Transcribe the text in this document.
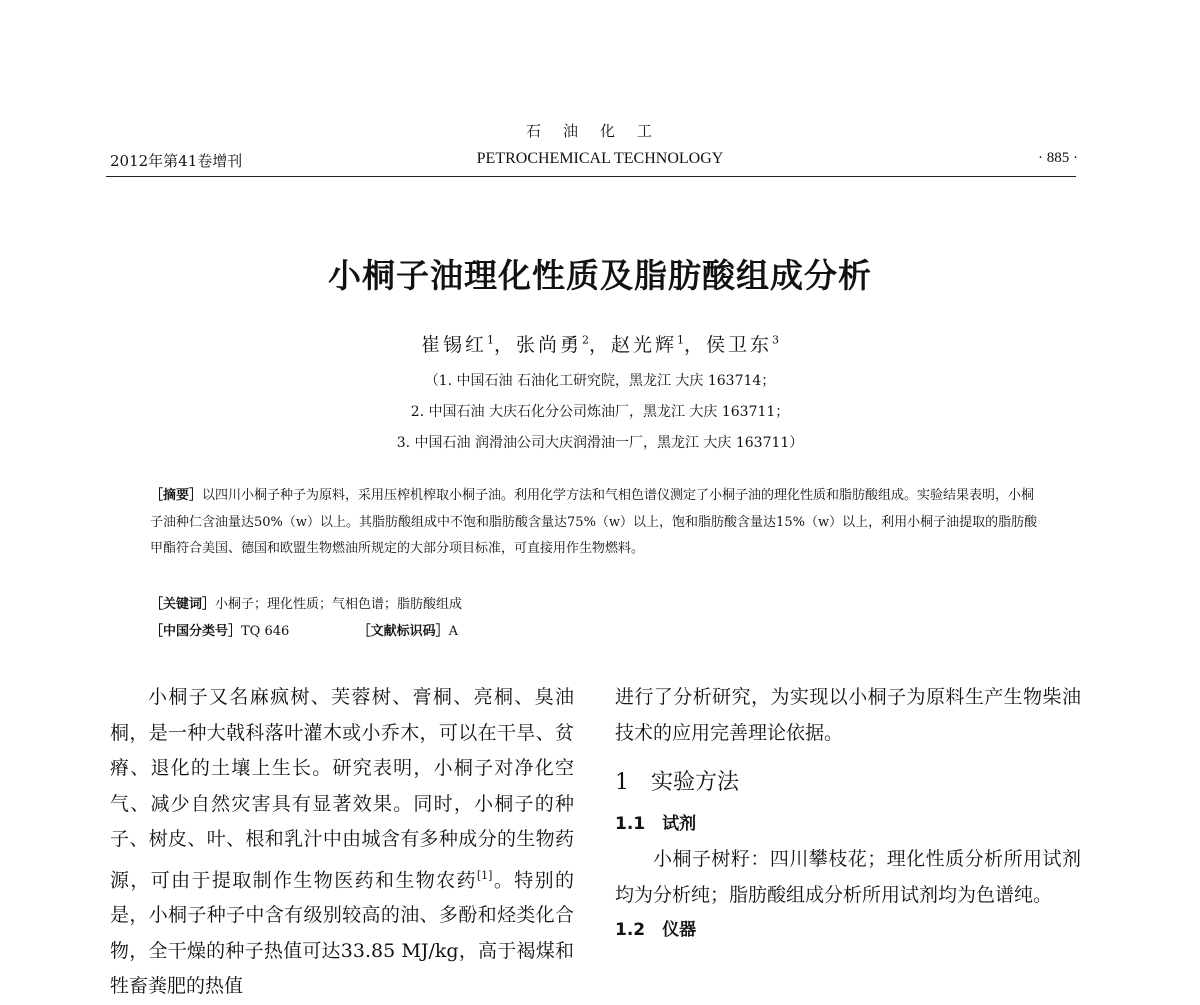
石油化工
2012年第41卷增刊	PETROCHEMICAL TECHNOLOGY	· 885 ·
小桐子油理化性质及脂肪酸组成分析
崔锡红$^1$，张尚勇$^2$，赵光辉$^1$，侯卫东$^3$
（1. 中国石油 石油化工研究院，黑龙江 大庆 163714；
2. 中国石油 大庆石化分公司炼油厂，黑龙江 大庆 163711；
3. 中国石油 润滑油公司大庆润滑油一厂，黑龙江 大庆 163711）
［摘要］以四川小桐子种子为原料，采用压榨机榨取小桐子油。利用化学方法和气相色谱仪测定了小桐子油的理化性质和脂肪酸组成。实验结果表明，小桐子油种仁含油量达50%（w）以上。其脂肪酸组成中不饱和脂肪酸含量达75%（w）以上，饱和脂肪酸含量达15%（w）以上，利用小桐子油提取的脂肪酸甲酯符合美国、德国和欧盟生物燃油所规定的大部分项目标准，可直接用作生物燃料。
［关键词］小桐子；理化性质；气相色谱；脂肪酸组成
［中国分类号］TQ 646	［文献标识码］A

小桐子又名麻疯树、芙蓉树、膏桐、亮桐、臭油桐，是一种大戟科落叶灌木或小乔木，可以在干旱、贫瘠、退化的土壤上生长。研究表明，小桐子对净化空气、减少自然灾害具有显著效果。同时，小桐子的种子、树皮、叶、根和乳汁中由城含有多种成分的生物药源，可由于提取制作生物医药和生物农药[1]。特别的是，小桐子种子中含有级别较高的油、多酚和烃类化合物，全干燥的种子热值可达33.85 MJ/kg，高于褐煤和牲畜粪肥的热值

进行了分析研究，为实现以小桐子为原料生产生物柴油技术的应用完善理论依据。

1　实验方法
1.1　试剂

小桐子树籽：四川攀枝花；理化性质分析所用试剂均为分析纯；脂肪酸组成分析所用试剂均为色谱纯。

1.2　仪器
